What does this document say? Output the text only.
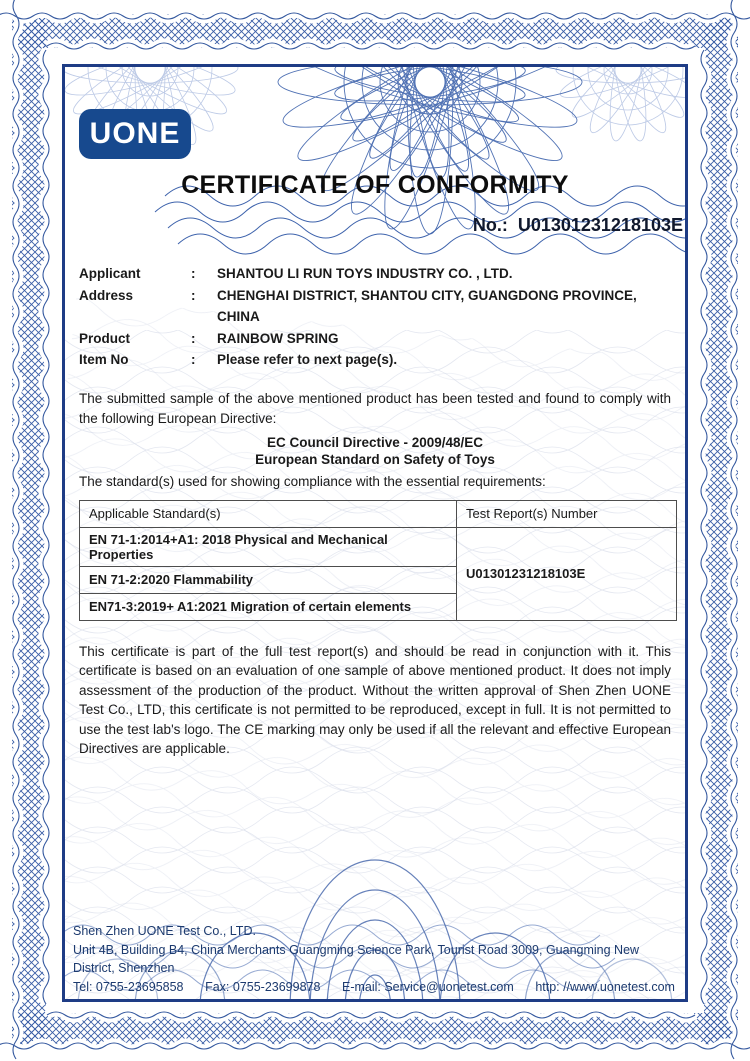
UONE
CERTIFICATE OF CONFORMITY
No.: U01301231218103E
Applicant	:	SHANTOU LI RUN TOYS INDUSTRY CO. , LTD.
Address	:	CHENGHAI DISTRICT, SHANTOU CITY, GUANGDONG PROVINCE, CHINA
Product	:	RAINBOW SPRING
Item No	:	Please refer to next page(s).

The submitted sample of the above mentioned product has been tested and found to comply with the following European Directive:

EC Council Directive - 2009/48/EC
European Standard on Safety of Toys

The standard(s) used for showing compliance with the essential requirements:

Applicable Standard(s)	Test Report(s) Number
EN 71-1:2014+A1: 2018 Physical and Mechanical Properties	U01301231218103E
EN 71-2:2020 Flammability	
EN71-3:2019+ A1:2021 Migration of certain elements	

This certificate is part of the full test report(s) and should be read in conjunction with it. This certificate is based on an evaluation of one sample of above mentioned product. It does not imply assessment of the production of the product. Without the written approval of Shen Zhen UONE Test Co., LTD, this certificate is not permitted to be reproduced, except in full. It is not permitted to use the test lab's logo. The CE marking may only be used if all the relevant and effective European Directives are applicable.

Shen Zhen UONE Test Co., LTD.
Unit 4B, Building B4, China Merchants Guangming Science Park, Tourist Road 3009, Guangming New District, Shenzhen
Tel: 0755-23695858 Fax: 0755-23699878 E-mail: Service@uonetest.com http: //www.uonetest.com
